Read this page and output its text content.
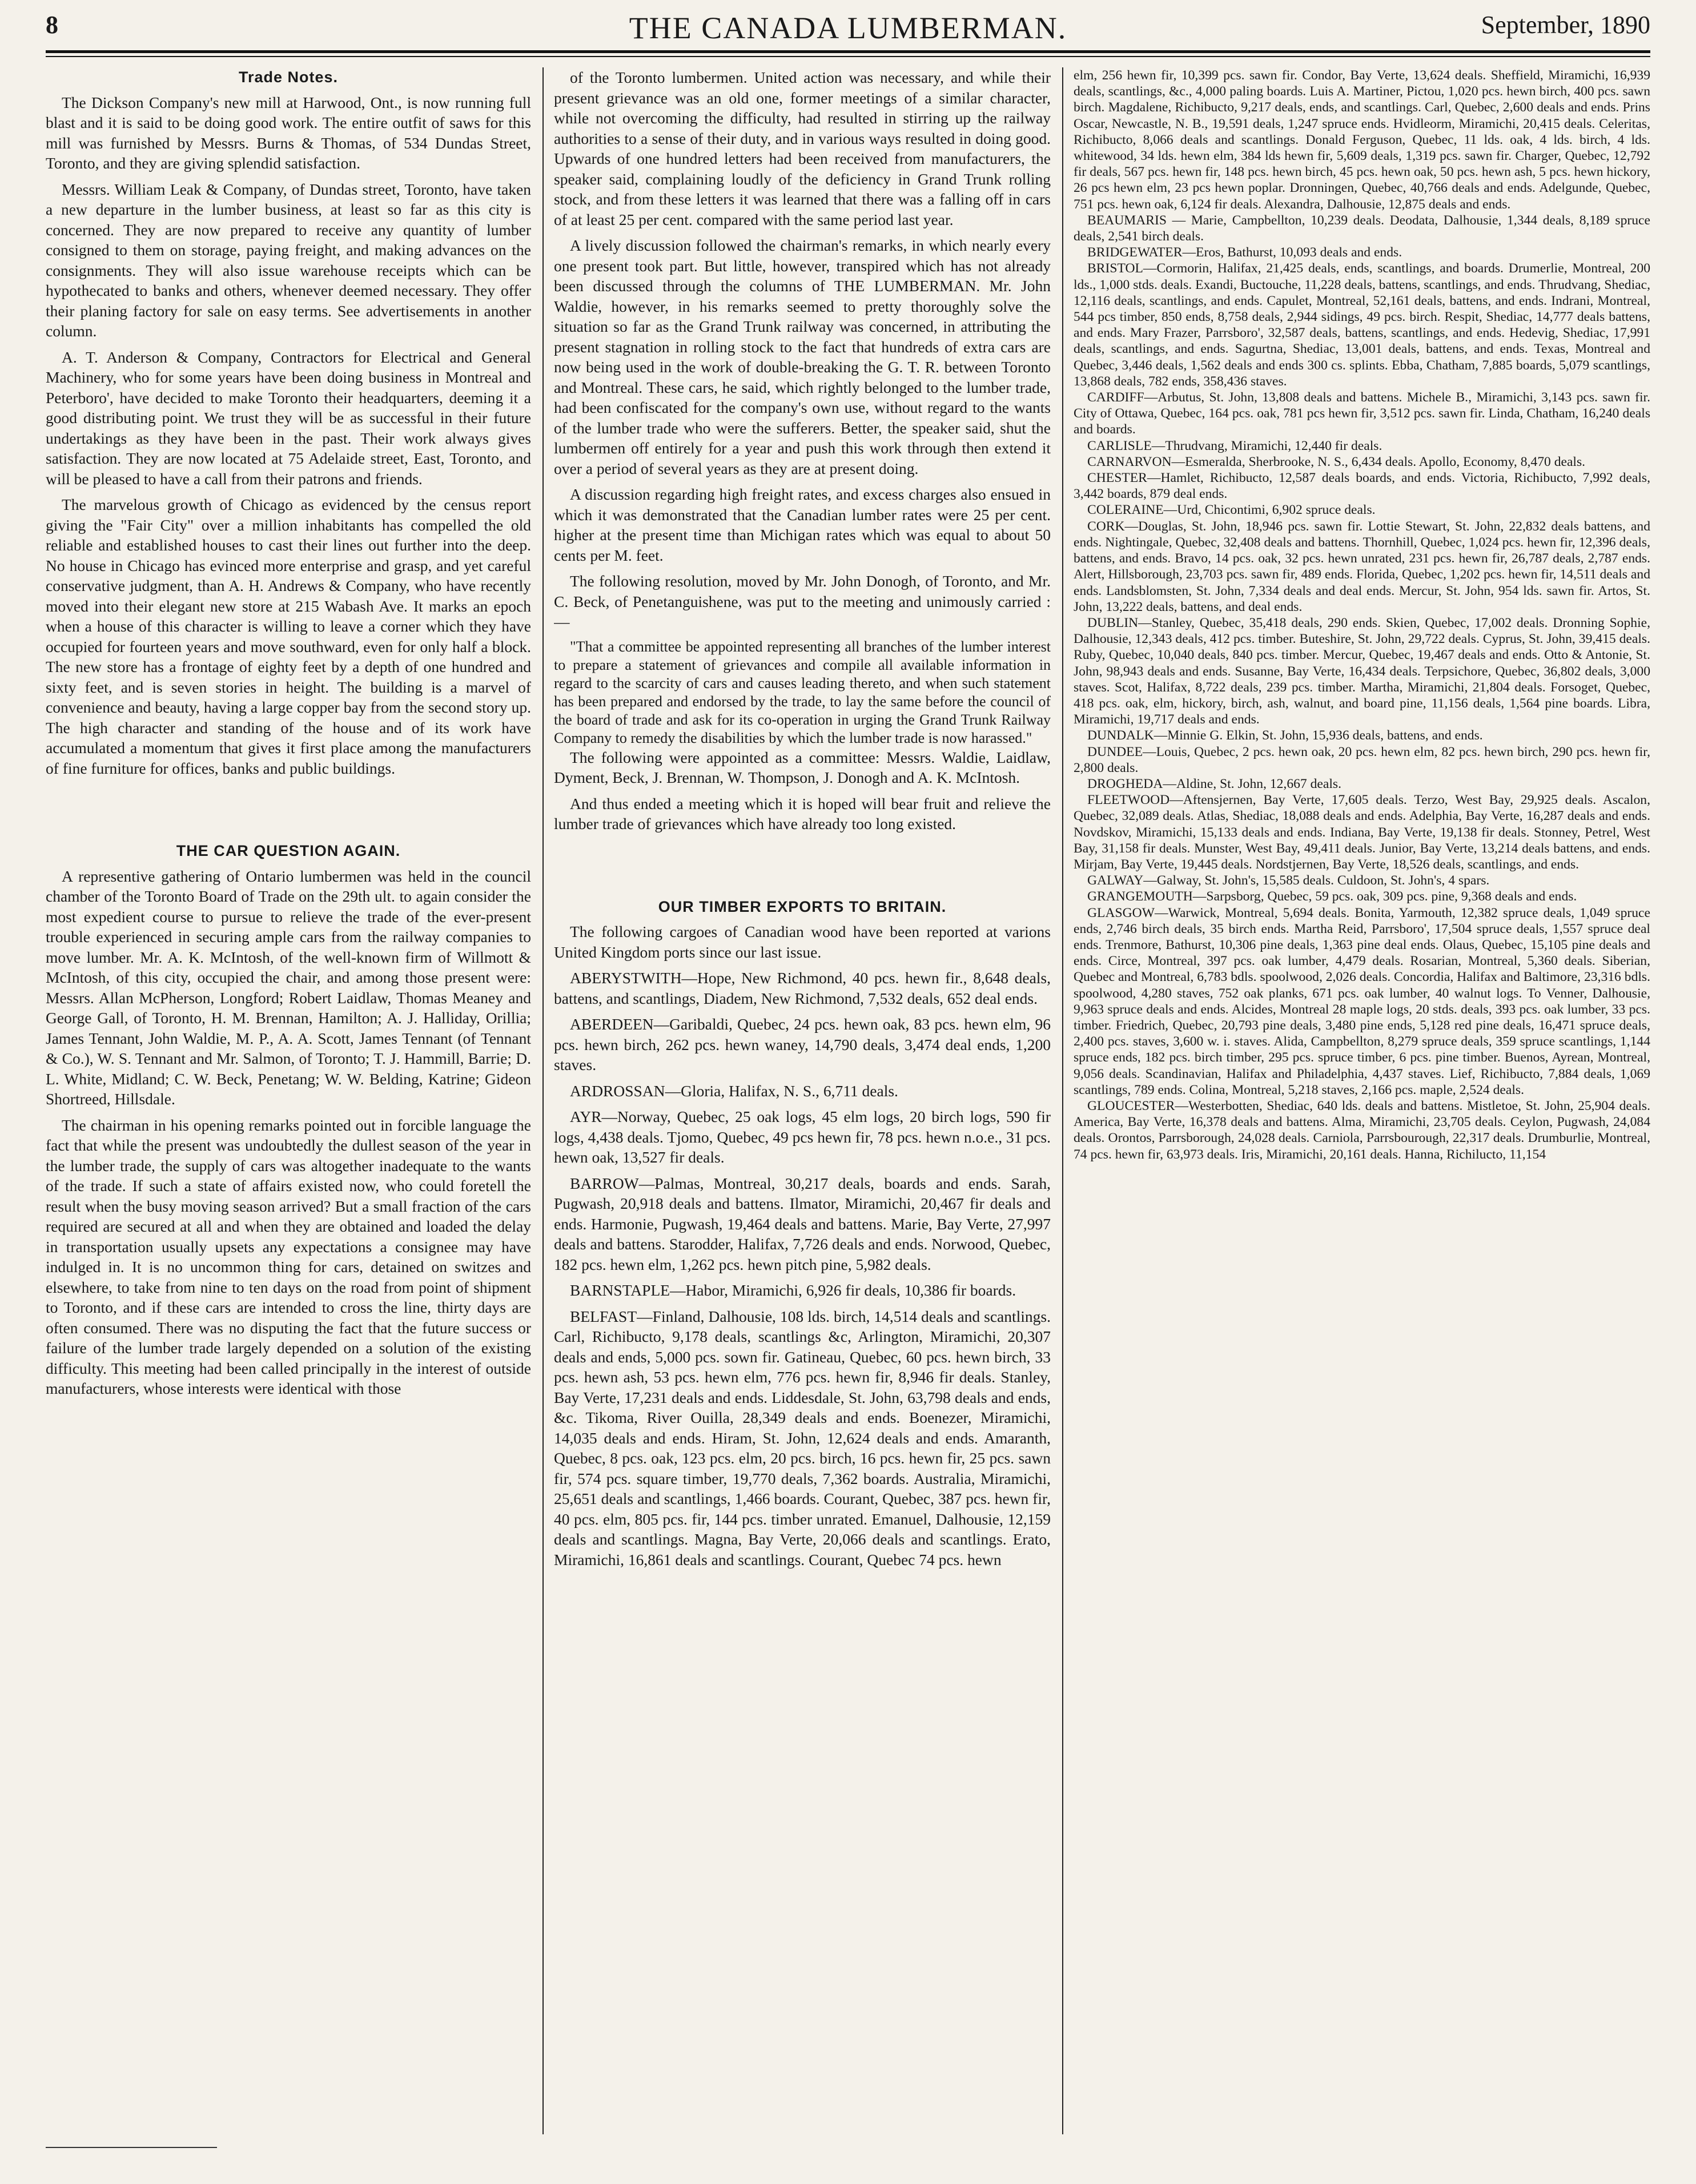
8	THE CANADA LUMBERMAN.	September, 1890
Trade Notes.

The Dickson Company's new mill at Harwood, Ont., is now running full blast and it is said to be doing good work. The entire outfit of saws for this mill was furnished by Messrs. Burns & Thomas, of 534 Dundas Street, Toronto, and they are giving splendid satisfaction.

Messrs. William Leak & Company, of Dundas street, Toronto, have taken a new departure in the lumber business, at least so far as this city is concerned. They are now prepared to receive any quantity of lumber consigned to them on storage, paying freight, and making advances on the consignments. They will also issue warehouse receipts which can be hypothecated to banks and others, whenever deemed necessary. They offer their planing factory for sale on easy terms. See advertisements in another column.

A. T. Anderson & Company, Contractors for Electrical and General Machinery, who for some years have been doing business in Montreal and Peterboro', have decided to make Toronto their headquarters, deeming it a good distributing point. We trust they will be as successful in their future undertakings as they have been in the past. Their work always gives satisfaction. They are now located at 75 Adelaide street, East, Toronto, and will be pleased to have a call from their patrons and friends.

The marvelous growth of Chicago as evidenced by the census report giving the "Fair City" over a million inhabitants has compelled the old reliable and established houses to cast their lines out further into the deep. No house in Chicago has evinced more enterprise and grasp, and yet careful conservative judgment, than A. H. Andrews & Company, who have recently moved into their elegant new store at 215 Wabash Ave. It marks an epoch when a house of this character is willing to leave a corner which they have occupied for fourteen years and move southward, even for only half a block. The new store has a frontage of eighty feet by a depth of one hundred and sixty feet, and is seven stories in height. The building is a marvel of convenience and beauty, having a large copper bay from the second story up. The high character and standing of the house and of its work have accumulated a momentum that gives it first place among the manufacturers of fine furniture for offices, banks and public buildings.

THE CAR QUESTION AGAIN.

A representive gathering of Ontario lumbermen was held in the council chamber of the Toronto Board of Trade on the 29th ult. to again consider the most expedient course to pursue to relieve the trade of the ever-present trouble experienced in securing ample cars from the railway companies to move lumber. Mr. A. K. McIntosh, of the well-known firm of Willmott & McIntosh, of this city, occupied the chair, and among those present were: Messrs. Allan McPherson, Longford; Robert Laidlaw, Thomas Meaney and George Gall, of Toronto, H. M. Brennan, Hamilton; A. J. Halliday, Orillia; James Tennant, John Waldie, M. P., A. A. Scott, James Tennant (of Tennant & Co.), W. S. Tennant and Mr. Salmon, of Toronto; T. J. Hammill, Barrie; D. L. White, Midland; C. W. Beck, Penetang; W. W. Belding, Katrine; Gideon Shortreed, Hillsdale.

The chairman in his opening remarks pointed out in forcible language the fact that while the present was undoubtedly the dullest season of the year in the lumber trade, the supply of cars was altogether inadequate to the wants of the trade. If such a state of affairs existed now, who could foretell the result when the busy moving season arrived? But a small fraction of the cars required are secured at all and when they are obtained and loaded the delay in transportation usually upsets any expectations a consignee may have indulged in. It is no uncommon thing for cars, detained on switzes and elsewhere, to take from nine to ten days on the road from point of shipment to Toronto, and if these cars are intended to cross the line, thirty days are often consumed. There was no disputing the fact that the future success or failure of the lumber trade largely depended on a solution of the existing difficulty. This meeting had been called principally in the interest of outside manufacturers, whose interests were identical with those

of the Toronto lumbermen. United action was necessary, and while their present grievance was an old one, former meetings of a similar character, while not overcoming the difficulty, had resulted in stirring up the railway authorities to a sense of their duty, and in various ways resulted in doing good. Upwards of one hundred letters had been received from manufacturers, the speaker said, complaining loudly of the deficiency in Grand Trunk rolling stock, and from these letters it was learned that there was a falling off in cars of at least 25 per cent. compared with the same period last year.

A lively discussion followed the chairman's remarks, in which nearly every one present took part. But little, however, transpired which has not already been discussed through the columns of THE LUMBERMAN. Mr. John Waldie, however, in his remarks seemed to pretty thoroughly solve the situation so far as the Grand Trunk railway was concerned, in attributing the present stagnation in rolling stock to the fact that hundreds of extra cars are now being used in the work of double-breaking the G. T. R. between Toronto and Montreal. These cars, he said, which rightly belonged to the lumber trade, had been confiscated for the company's own use, without regard to the wants of the lumber trade who were the sufferers. Better, the speaker said, shut the lumbermen off entirely for a year and push this work through then extend it over a period of several years as they are at present doing.

A discussion regarding high freight rates, and excess charges also ensued in which it was demonstrated that the Canadian lumber rates were 25 per cent. higher at the present time than Michigan rates which was equal to about 50 cents per M. feet.

The following resolution, moved by Mr. John Donogh, of Toronto, and Mr. C. Beck, of Penetanguishene, was put to the meeting and unimously carried :—

"That a committee be appointed representing all branches of the lumber interest to prepare a statement of grievances and compile all available information in regard to the scarcity of cars and causes leading thereto, and when such statement has been prepared and endorsed by the trade, to lay the same before the council of the board of trade and ask for its co-operation in urging the Grand Trunk Railway Company to remedy the disabilities by which the lumber trade is now harassed."

The following were appointed as a committee: Messrs. Waldie, Laidlaw, Dyment, Beck, J. Brennan, W. Thompson, J. Donogh and A. K. McIntosh.

And thus ended a meeting which it is hoped will bear fruit and relieve the lumber trade of grievances which have already too long existed.

OUR TIMBER EXPORTS TO BRITAIN.

The following cargoes of Canadian wood have been reported at varions United Kingdom ports since our last issue.

ABERYSTWITH—Hope, New Richmond, 40 pcs. hewn fir., 8,648 deals, battens, and scantlings, Diadem, New Richmond, 7,532 deals, 652 deal ends.

ABERDEEN—Garibaldi, Quebec, 24 pcs. hewn oak, 83 pcs. hewn elm, 96 pcs. hewn birch, 262 pcs. hewn waney, 14,790 deals, 3,474 deal ends, 1,200 staves.

ARDROSSAN—Gloria, Halifax, N. S., 6,711 deals.

AYR—Norway, Quebec, 25 oak logs, 45 elm logs, 20 birch logs, 590 fir logs, 4,438 deals. Tjomo, Quebec, 49 pcs hewn fir, 78 pcs. hewn n.o.e., 31 pcs. hewn oak, 13,527 fir deals.

BARROW—Palmas, Montreal, 30,217 deals, boards and ends. Sarah, Pugwash, 20,918 deals and battens. Ilmator, Miramichi, 20,467 fir deals and ends. Harmonie, Pugwash, 19,464 deals and battens. Marie, Bay Verte, 27,997 deals and battens. Starodder, Halifax, 7,726 deals and ends. Norwood, Quebec, 182 pcs. hewn elm, 1,262 pcs. hewn pitch pine, 5,982 deals.

BARNSTAPLE—Habor, Miramichi, 6,926 fir deals, 10,386 fir boards.

BELFAST—Finland, Dalhousie, 108 lds. birch, 14,514 deals and scantlings. Carl, Richibucto, 9,178 deals, scantlings &c, Arlington, Miramichi, 20,307 deals and ends, 5,000 pcs. sown fir. Gatineau, Quebec, 60 pcs. hewn birch, 33 pcs. hewn ash, 53 pcs. hewn elm, 776 pcs. hewn fir, 8,946 fir deals. Stanley, Bay Verte, 17,231 deals and ends. Liddesdale, St. John, 63,798 deals and ends, &c. Tikoma, River Ouilla, 28,349 deals and ends. Boenezer, Miramichi, 14,035 deals and ends. Hiram, St. John, 12,624 deals and ends. Amaranth, Quebec, 8 pcs. oak, 123 pcs. elm, 20 pcs. birch, 16 pcs. hewn fir, 25 pcs. sawn fir, 574 pcs. square timber, 19,770 deals, 7,362 boards. Australia, Miramichi, 25,651 deals and scantlings, 1,466 boards. Courant, Quebec, 387 pcs. hewn fir, 40 pcs. elm, 805 pcs. fir, 144 pcs. timber unrated. Emanuel, Dalhousie, 12,159 deals and scantlings. Magna, Bay Verte, 20,066 deals and scantlings. Erato, Miramichi, 16,861 deals and scantlings. Courant, Quebec 74 pcs. hewn

elm, 256 hewn fir, 10,399 pcs. sawn fir. Condor, Bay Verte, 13,624 deals. Sheffield, Miramichi, 16,939 deals, scantlings, &c., 4,000 paling boards. Luis A. Martiner, Pictou, 1,020 pcs. hewn birch, 400 pcs. sawn birch. Magdalene, Richibucto, 9,217 deals, ends, and scantlings. Carl, Quebec, 2,600 deals and ends. Prins Oscar, Newcastle, N. B., 19,591 deals, 1,247 spruce ends. Hvidleorm, Miramichi, 20,415 deals. Celeritas, Richibucto, 8,066 deals and scantlings. Donald Ferguson, Quebec, 11 lds. oak, 4 lds. birch, 4 lds. whitewood, 34 lds. hewn elm, 384 lds hewn fir, 5,609 deals, 1,319 pcs. sawn fir. Charger, Quebec, 12,792 fir deals, 567 pcs. hewn fir, 148 pcs. hewn birch, 45 pcs. hewn oak, 50 pcs. hewn ash, 5 pcs. hewn hickory, 26 pcs hewn elm, 23 pcs hewn poplar. Dronningen, Quebec, 40,766 deals and ends. Adelgunde, Quebec, 751 pcs. hewn oak, 6,124 fir deals. Alexandra, Dalhousie, 12,875 deals and ends.

BEAUMARIS — Marie, Campbellton, 10,239 deals. Deodata, Dalhousie, 1,344 deals, 8,189 spruce deals, 2,541 birch deals.

BRIDGEWATER—Eros, Bathurst, 10,093 deals and ends.

BRISTOL—Cormorin, Halifax, 21,425 deals, ends, scantlings, and boards. Drumerlie, Montreal, 200 lds., 1,000 stds. deals. Exandi, Buctouche, 11,228 deals, battens, scantlings, and ends. Thrudvang, Shediac, 12,116 deals, scantlings, and ends. Capulet, Montreal, 52,161 deals, battens, and ends. Indrani, Montreal, 544 pcs timber, 850 ends, 8,758 deals, 2,944 sidings, 49 pcs. birch. Respit, Shediac, 14,777 deals battens, and ends. Mary Frazer, Parrsboro', 32,587 deals, battens, scantlings, and ends. Hedevig, Shediac, 17,991 deals, scantlings, and ends. Sagurtna, Shediac, 13,001 deals, battens, and ends. Texas, Montreal and Quebec, 3,446 deals, 1,562 deals and ends 300 cs. splints. Ebba, Chatham, 7,885 boards, 5,079 scantlings, 13,868 deals, 782 ends, 358,436 staves.

CARDIFF—Arbutus, St. John, 13,808 deals and battens. Michele B., Miramichi, 3,143 pcs. sawn fir. City of Ottawa, Quebec, 164 pcs. oak, 781 pcs hewn fir, 3,512 pcs. sawn fir. Linda, Chatham, 16,240 deals and boards.

CARLISLE—Thrudvang, Miramichi, 12,440 fir deals.

CARNARVON—Esmeralda, Sherbrooke, N. S., 6,434 deals. Apollo, Economy, 8,470 deals.

CHESTER—Hamlet, Richibucto, 12,587 deals boards, and ends. Victoria, Richibucto, 7,992 deals, 3,442 boards, 879 deal ends.

COLERAINE—Urd, Chicontimi, 6,902 spruce deals.

CORK—Douglas, St. John, 18,946 pcs. sawn fir. Lottie Stewart, St. John, 22,832 deals battens, and ends. Nightingale, Quebec, 32,408 deals and battens. Thornhill, Quebec, 1,024 pcs. hewn fir, 12,396 deals, battens, and ends. Bravo, 14 pcs. oak, 32 pcs. hewn unrated, 231 pcs. hewn fir, 26,787 deals, 2,787 ends. Alert, Hillsborough, 23,703 pcs. sawn fir, 489 ends. Florida, Quebec, 1,202 pcs. hewn fir, 14,511 deals and ends. Landsblomsten, St. John, 7,334 deals and deal ends. Mercur, St. John, 954 lds. sawn fir. Artos, St. John, 13,222 deals, battens, and deal ends.

DUBLIN—Stanley, Quebec, 35,418 deals, 290 ends. Skien, Quebec, 17,002 deals. Dronning Sophie, Dalhousie, 12,343 deals, 412 pcs. timber. Buteshire, St. John, 29,722 deals. Cyprus, St. John, 39,415 deals. Ruby, Quebec, 10,040 deals, 840 pcs. timber. Mercur, Quebec, 19,467 deals and ends. Otto & Antonie, St. John, 98,943 deals and ends. Susanne, Bay Verte, 16,434 deals. Terpsichore, Quebec, 36,802 deals, 3,000 staves. Scot, Halifax, 8,722 deals, 239 pcs. timber. Martha, Miramichi, 21,804 deals. Forsoget, Quebec, 418 pcs. oak, elm, hickory, birch, ash, walnut, and board pine, 11,156 deals, 1,564 pine boards. Libra, Miramichi, 19,717 deals and ends.

DUNDALK—Minnie G. Elkin, St. John, 15,936 deals, battens, and ends.

DUNDEE—Louis, Quebec, 2 pcs. hewn oak, 20 pcs. hewn elm, 82 pcs. hewn birch, 290 pcs. hewn fir, 2,800 deals.

DROGHEDA—Aldine, St. John, 12,667 deals.

FLEETWOOD—Aftensjernen, Bay Verte, 17,605 deals. Terzo, West Bay, 29,925 deals. Ascalon, Quebec, 32,089 deals. Atlas, Shediac, 18,088 deals and ends. Adelphia, Bay Verte, 16,287 deals and ends. Novdskov, Miramichi, 15,133 deals and ends. Indiana, Bay Verte, 19,138 fir deals. Stonney, Petrel, West Bay, 31,158 fir deals. Munster, West Bay, 49,411 deals. Junior, Bay Verte, 13,214 deals battens, and ends. Mirjam, Bay Verte, 19,445 deals. Nordstjernen, Bay Verte, 18,526 deals, scantlings, and ends.

GALWAY—Galway, St. John's, 15,585 deals. Culdoon, St. John's, 4 spars.

GRANGEMOUTH—Sarpsborg, Quebec, 59 pcs. oak, 309 pcs. pine, 9,368 deals and ends.

GLASGOW—Warwick, Montreal, 5,694 deals. Bonita, Yarmouth, 12,382 spruce deals, 1,049 spruce ends, 2,746 birch deals, 35 birch ends. Martha Reid, Parrsboro', 17,504 spruce deals, 1,557 spruce deal ends. Trenmore, Bathurst, 10,306 pine deals, 1,363 pine deal ends. Olaus, Quebec, 15,105 pine deals and ends. Circe, Montreal, 397 pcs. oak lumber, 4,479 deals. Rosarian, Montreal, 5,360 deals. Siberian, Quebec and Montreal, 6,783 bdls. spoolwood, 2,026 deals. Concordia, Halifax and Baltimore, 23,316 bdls. spoolwood, 4,280 staves, 752 oak planks, 671 pcs. oak lumber, 40 walnut logs. To Venner, Dalhousie, 9,963 spruce deals and ends. Alcides, Montreal 28 maple logs, 20 stds. deals, 393 pcs. oak lumber, 33 pcs. timber. Friedrich, Quebec, 20,793 pine deals, 3,480 pine ends, 5,128 red pine deals, 16,471 spruce deals, 2,400 pcs. staves, 3,600 w. i. staves. Alida, Campbellton, 8,279 spruce deals, 359 spruce scantlings, 1,144 spruce ends, 182 pcs. birch timber, 295 pcs. spruce timber, 6 pcs. pine timber. Buenos, Ayrean, Montreal, 9,056 deals. Scandinavian, Halifax and Philadelphia, 4,437 staves. Lief, Richibucto, 7,884 deals, 1,069 scantlings, 789 ends. Colina, Montreal, 5,218 staves, 2,166 pcs. maple, 2,524 deals.

GLOUCESTER—Westerbotten, Shediac, 640 lds. deals and battens. Mistletoe, St. John, 25,904 deals. America, Bay Verte, 16,378 deals and battens. Alma, Miramichi, 23,705 deals. Ceylon, Pugwash, 24,084 deals. Orontos, Parrsborough, 24,028 deals. Carniola, Parrsbourough, 22,317 deals. Drumburlie, Montreal, 74 pcs. hewn fir, 63,973 deals. Iris, Miramichi, 20,161 deals. Hanna, Richilucto, 11,154
